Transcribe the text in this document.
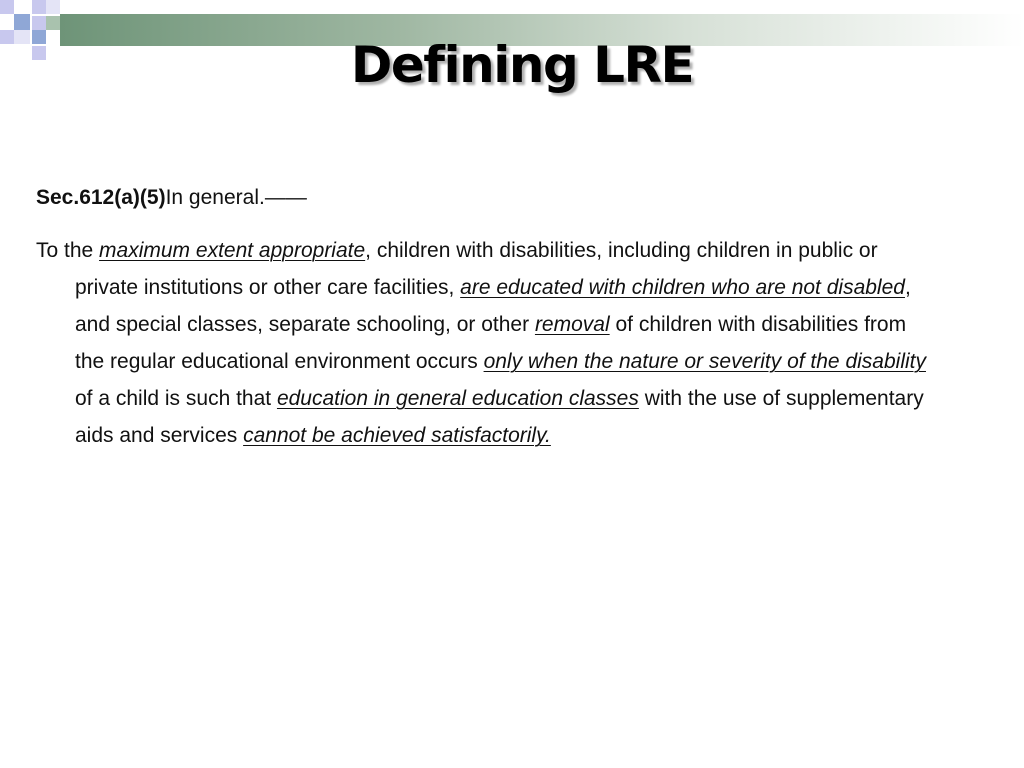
Defining LRE

Sec.612(a)(5)In general.——

To the maximum extent appropriate, children with disabilities, including children in public or private institutions or other care facilities, are educated with children who are not disabled, and special classes, separate schooling, or other removal of children with disabilities from the regular educational environment occurs only when the nature or severity of the disability of a child is such that education in general education classes with the use of supplementary aids and services cannot be achieved satisfactorily.
